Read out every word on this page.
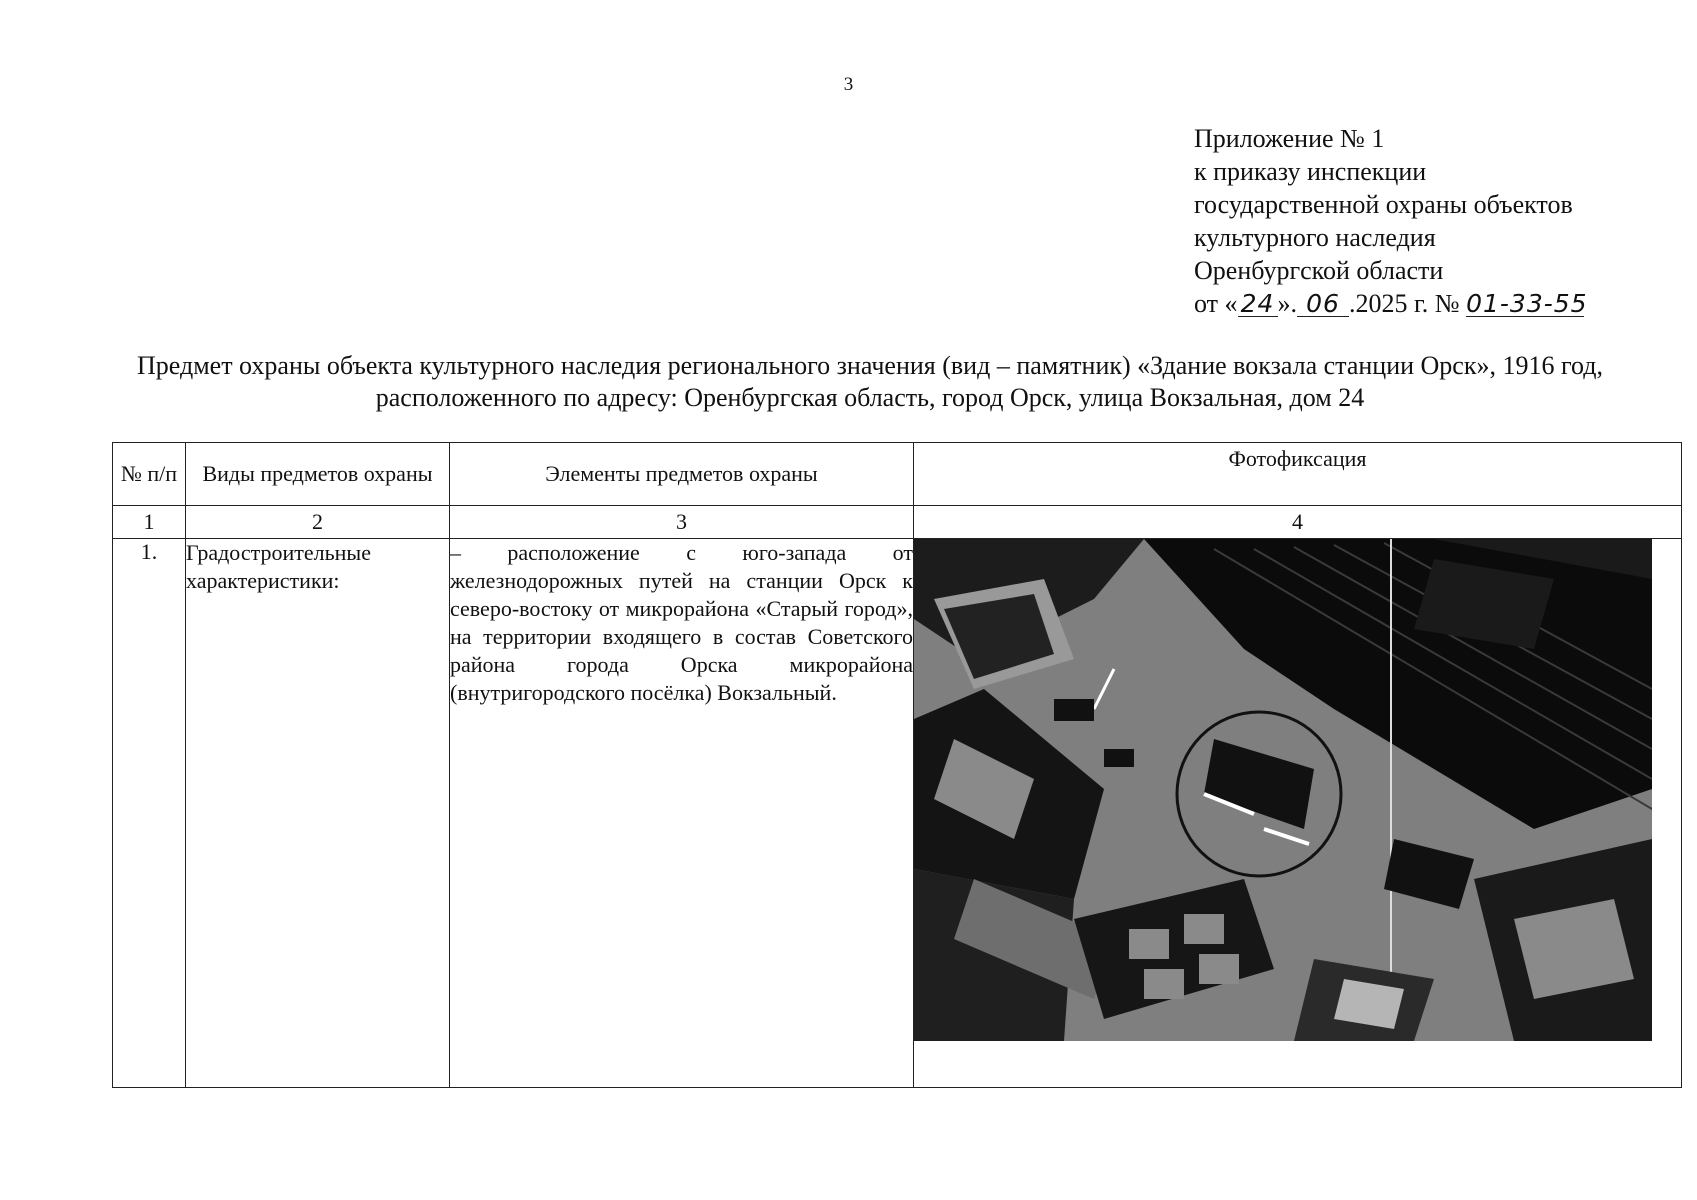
3
Приложение № 1
к приказу инспекции
государственной охраны объектов
культурного наследия
Оренбургской области
от « 24 ». 06 .2025 г. № 01-33-55
Предмет охраны объекта культурного наследия регионального значения (вид – памятник) «Здание вокзала станции Орск», 1916 год, расположенного по адресу: Оренбургская область, город Орск, улица Вокзальная, дом 24
№ п/п	Виды предметов охраны	Элементы предметов охраны	Фотофиксация
1	2	3	4
1.	Градостроительные характеристики:	– расположение с юго-запада от железнодорожных путей на станции Орск к северо-востоку от микрорайона «Старый город», на территории входящего в состав Советского района города Орска микрорайона (внутригородского посёлка) Вокзальный.	
